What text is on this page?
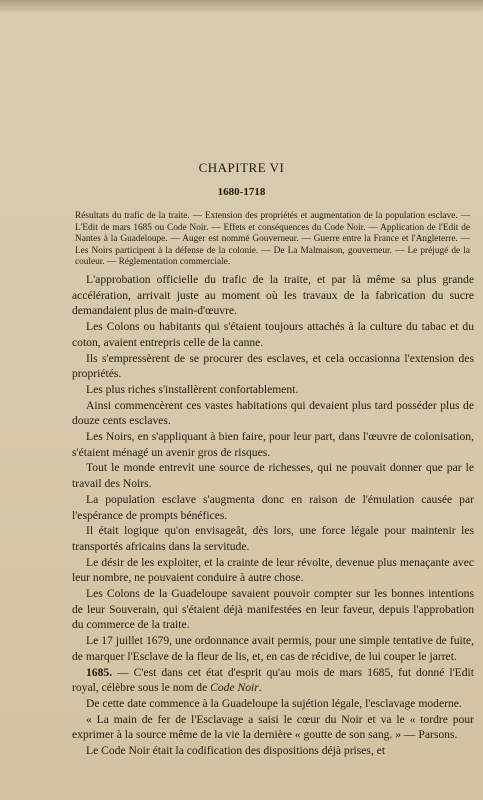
CHAPITRE VI
1680-1718
Résultats du trafic de la traite. — Extension des propriétés et augmentation de la population esclave. — L'Edit de mars 1685 ou Code Noir. — Effets et conséquences du Code Noir. — Application de l'Edit de Nantes à la Guadeloupe. — Auger est nommé Gouverneur. — Guerre entre la France et l'Angleterre. — Les Noirs participent à la défense de la colonie. — De La Malmaison, gouverneur. — Le préjugé de la couleur. — Réglementation commerciale.

L'approbation officielle du trafic de la traite, et par là même sa plus grande accélération, arrivait juste au moment où les travaux de la fabrication du sucre demandaient plus de main-d'œuvre.

Les Colons ou habitants qui s'étaient toujours attachés à la culture du tabac et du coton, avaient entrepris celle de la canne.

Ils s'empressèrent de se procurer des esclaves, et cela occasionna l'extension des propriétés.

Les plus riches s'installèrent confortablement.

Ainsi commencèrent ces vastes habitations qui devaient plus tard posséder plus de douze cents esclaves.

Les Noirs, en s'appliquant à bien faire, pour leur part, dans l'œuvre de colonisation, s'étaient ménagé un avenir gros de risques.

Tout le monde entrevit une source de richesses, qui ne pouvait donner que par le travail des Noirs.

La population esclave s'augmenta donc en raison de l'émulation causée par l'espérance de prompts bénéfices.

Il était logique qu'on envisageât, dès lors, une force légale pour maintenir les transportés africains dans la servitude.

Le désir de les exploiter, et la crainte de leur révolte, devenue plus menaçante avec leur nombre, ne pouvaient conduire à autre chose.

Les Colons de la Guadeloupe savaient pouvoir compter sur les bonnes intentions de leur Souverain, qui s'étaient déjà manifestées en leur faveur, depuis l'approbation du commerce de la traite.

Le 17 juillet 1679, une ordonnance avait permis, pour une simple tentative de fuite, de marquer l'Esclave de la fleur de lis, et, en cas de récidive, de lui couper le jarret.

1685. — C'est dans cet état d'esprit qu'au mois de mars 1685, fut donné l'Edit royal, célèbre sous le nom de Code Noir.

De cette date commence à la Guadeloupe la sujétion légale, l'esclavage moderne.

« La main de fer de l'Esclavage a saisi le cœur du Noir et va le « tordre pour exprimer à la source même de la vie la dernière « goutte de son sang. » — Parsons.

Le Code Noir était la codification des dispositions déjà prises, et
